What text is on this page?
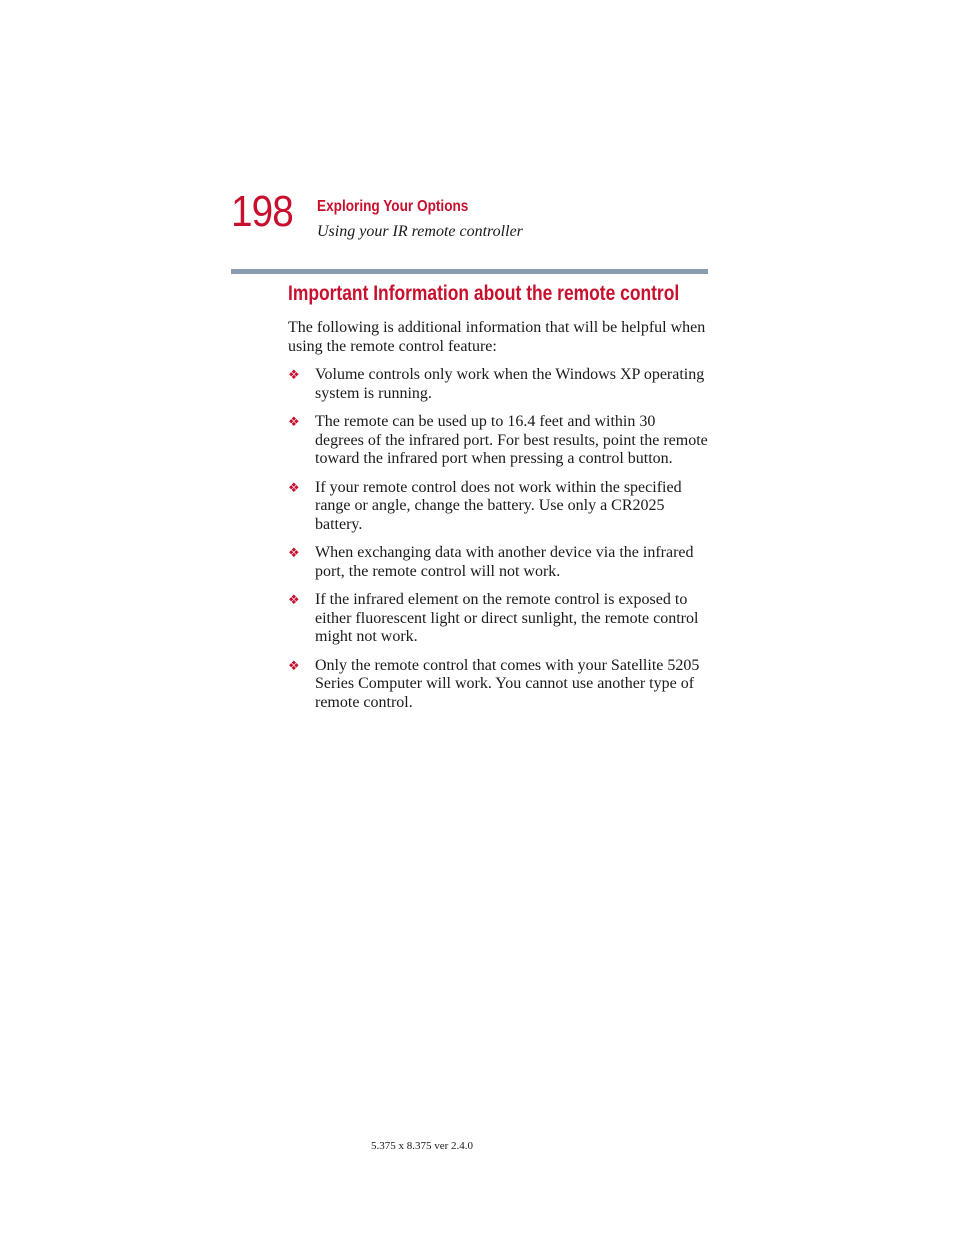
198 Exploring Your Options
Using your IR remote controller
Important Information about the remote control

The following is additional information that will be helpful when using the remote control feature:

❖ Volume controls only work when the Windows XP operating system is running.
❖ The remote can be used up to 16.4 feet and within 30 degrees of the infrared port. For best results, point the remote toward the infrared port when pressing a control button.
❖ If your remote control does not work within the specified range or angle, change the battery. Use only a CR2025 battery.
❖ When exchanging data with another device via the infrared port, the remote control will not work.
❖ If the infrared element on the remote control is exposed to either fluorescent light or direct sunlight, the remote control might not work.
❖ Only the remote control that comes with your Satellite 5205 Series Computer will work. You cannot use another type of remote control.
5.375 x 8.375 ver 2.4.0
